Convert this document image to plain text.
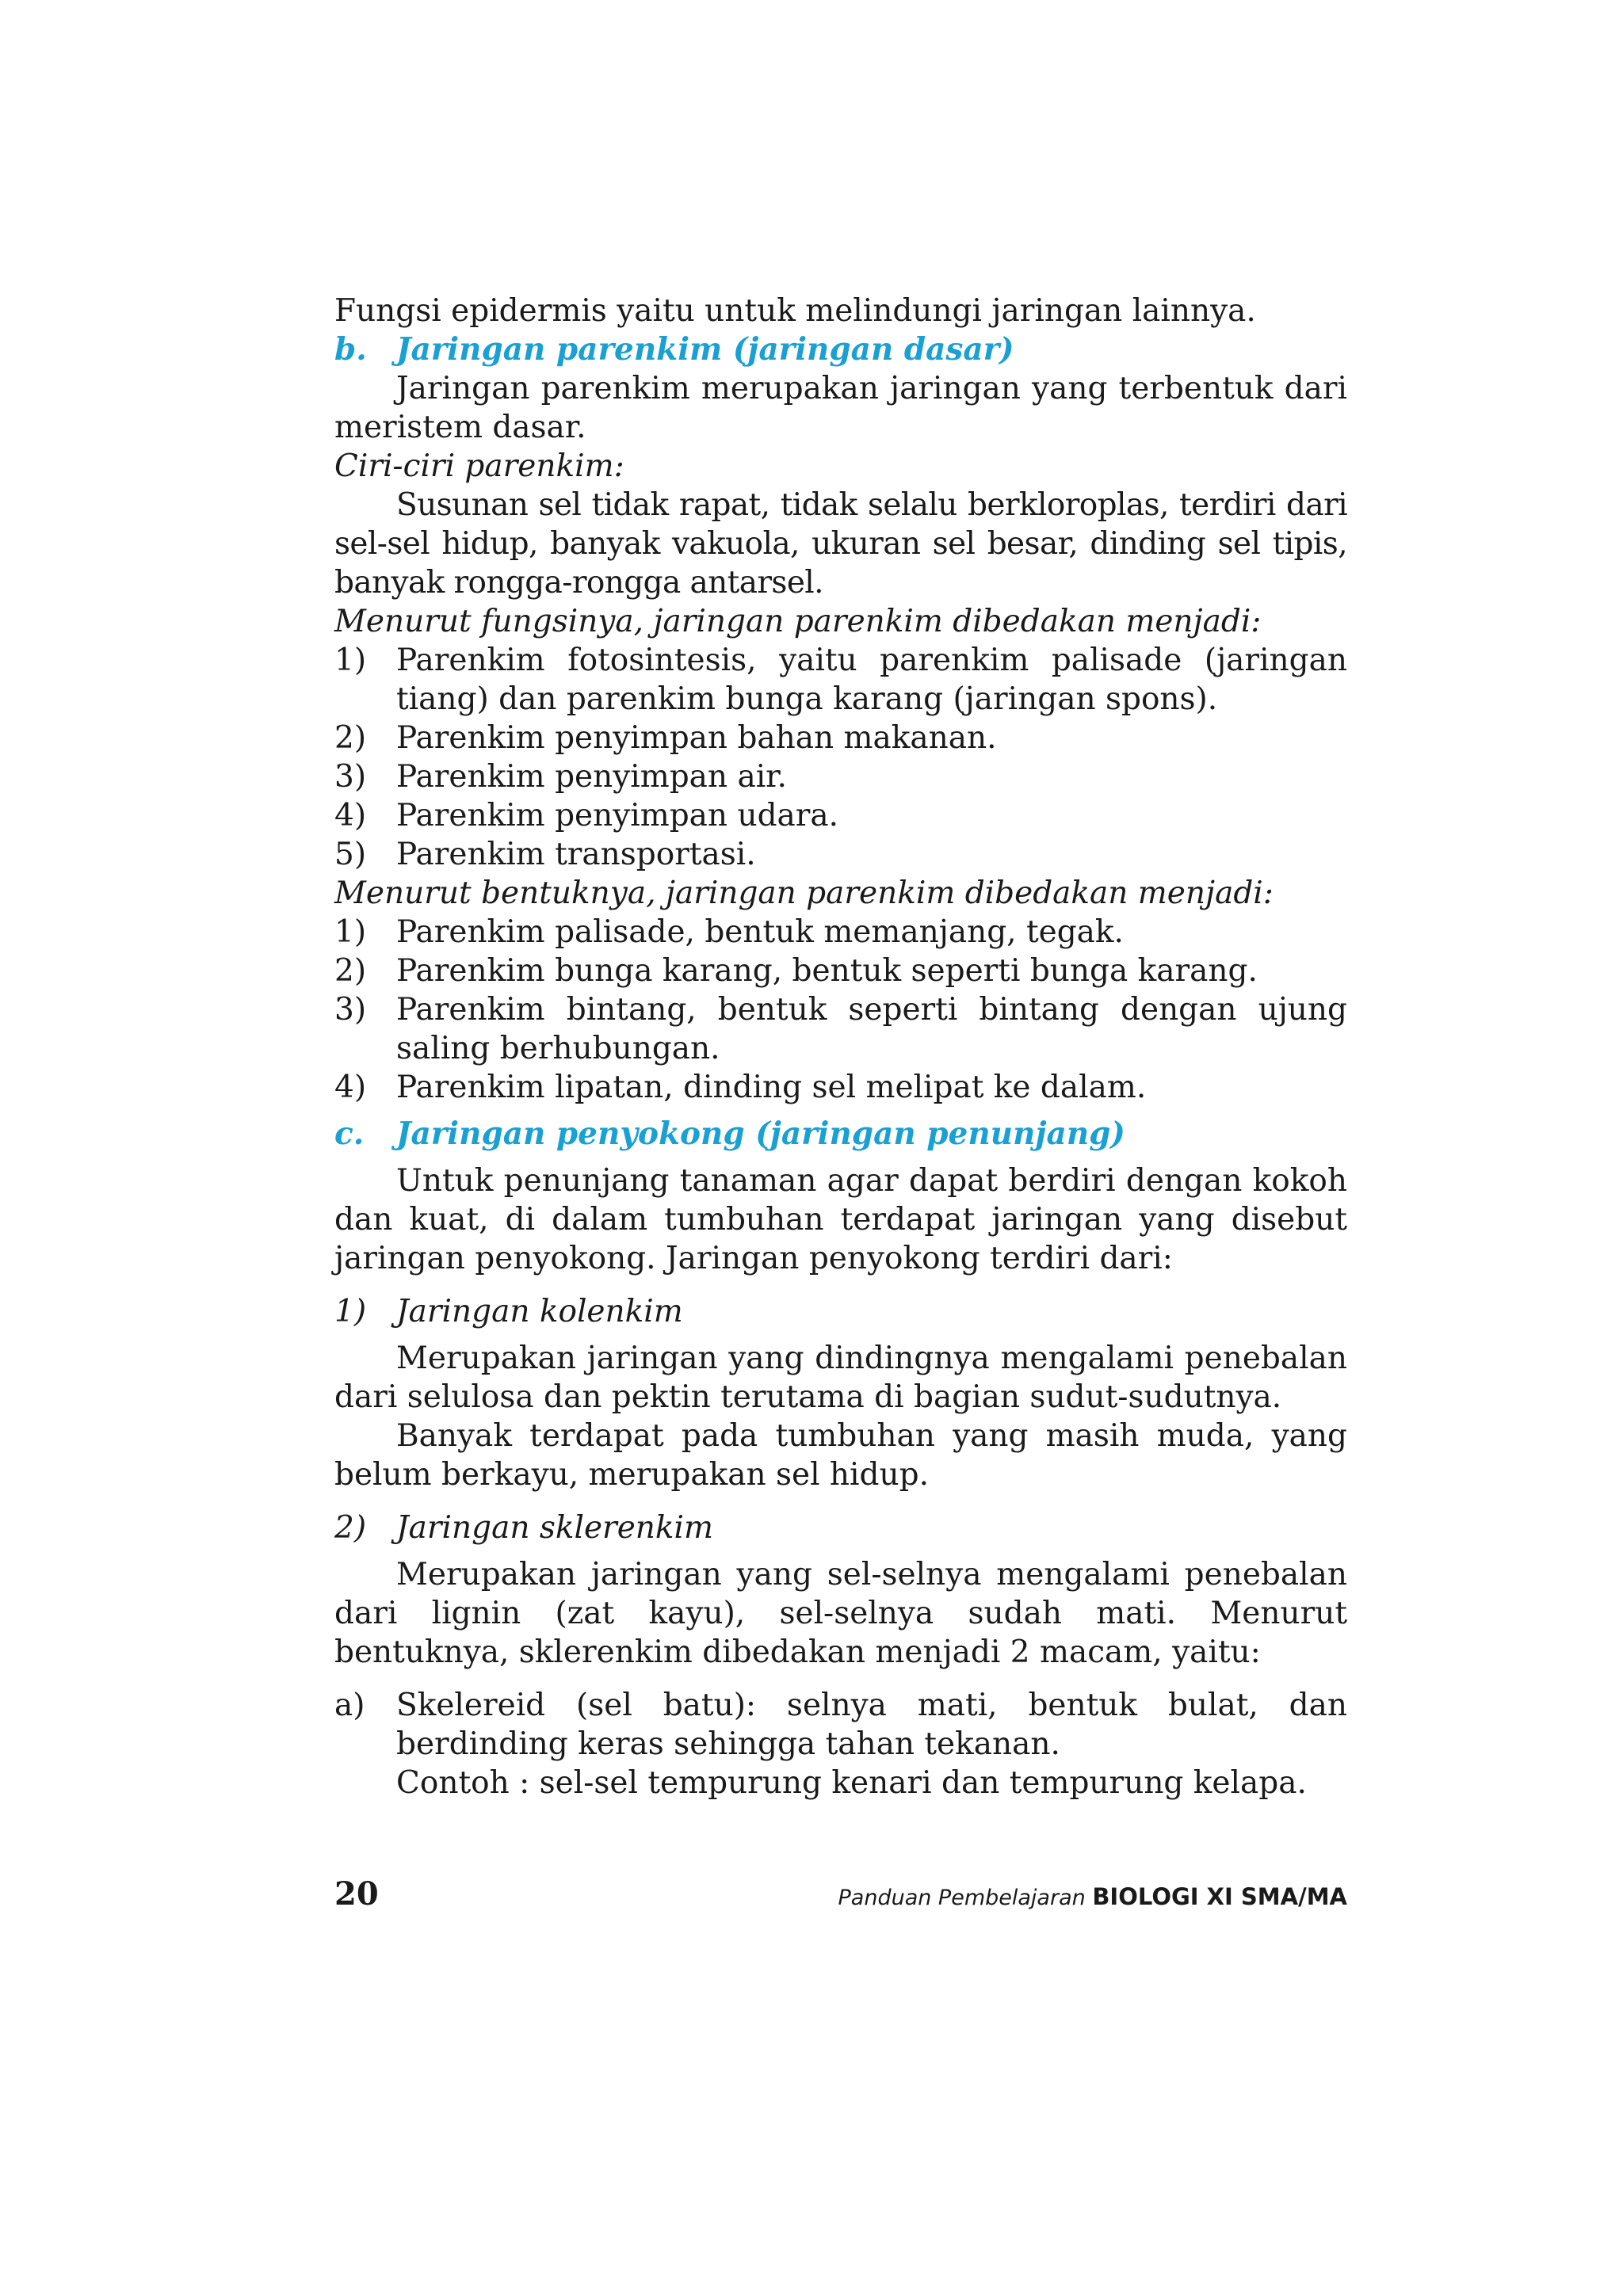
Fungsi epidermis yaitu untuk melindungi jaringan lainnya.

b. Jaringan parenkim (jaringan dasar)

Jaringan parenkim merupakan jaringan yang terbentuk dari meristem dasar.

Ciri-ciri parenkim:

Susunan sel tidak rapat, tidak selalu berkloroplas, terdiri dari sel-sel hidup, banyak vakuola, ukuran sel besar, dinding sel tipis, banyak rongga-rongga antarsel.

Menurut fungsinya, jaringan parenkim dibedakan menjadi:

1) Parenkim fotosintesis, yaitu parenkim palisade (jaringan tiang) dan parenkim bunga karang (jaringan spons).
2) Parenkim penyimpan bahan makanan.
3) Parenkim penyimpan air.
4) Parenkim penyimpan udara.
5) Parenkim transportasi.

Menurut bentuknya, jaringan parenkim dibedakan menjadi:

1) Parenkim palisade, bentuk memanjang, tegak.
2) Parenkim bunga karang, bentuk seperti bunga karang.
3) Parenkim bintang, bentuk seperti bintang dengan ujung saling berhubungan.
4) Parenkim lipatan, dinding sel melipat ke dalam.
c.	Jaringan penyokong (jaringan penunjang)

Untuk penunjang tanaman agar dapat berdiri dengan kokoh dan kuat, di dalam tumbuhan terdapat jaringan yang disebut jaringan penyokong. Jaringan penyokong terdiri dari:

1) Jaringan kolenkim

Merupakan jaringan yang dindingnya mengalami penebalan dari selulosa dan pektin terutama di bagian sudut-sudutnya.

Banyak terdapat pada tumbuhan yang masih muda, yang belum berkayu, merupakan sel hidup.

2) Jaringan sklerenkim

Merupakan jaringan yang sel-selnya mengalami penebalan dari lignin (zat kayu), sel-selnya sudah mati. Menurut bentuknya, sklerenkim dibedakan menjadi 2 macam, yaitu:

a)	Skelereid (sel batu): selnya mati, bentuk bulat, dan berdinding keras sehingga tahan tekanan.

Contoh : sel-sel tempurung kenari dan tempurung kelapa.

20	Panduan Pembelajaran BIOLOGI XI SMA/MA
